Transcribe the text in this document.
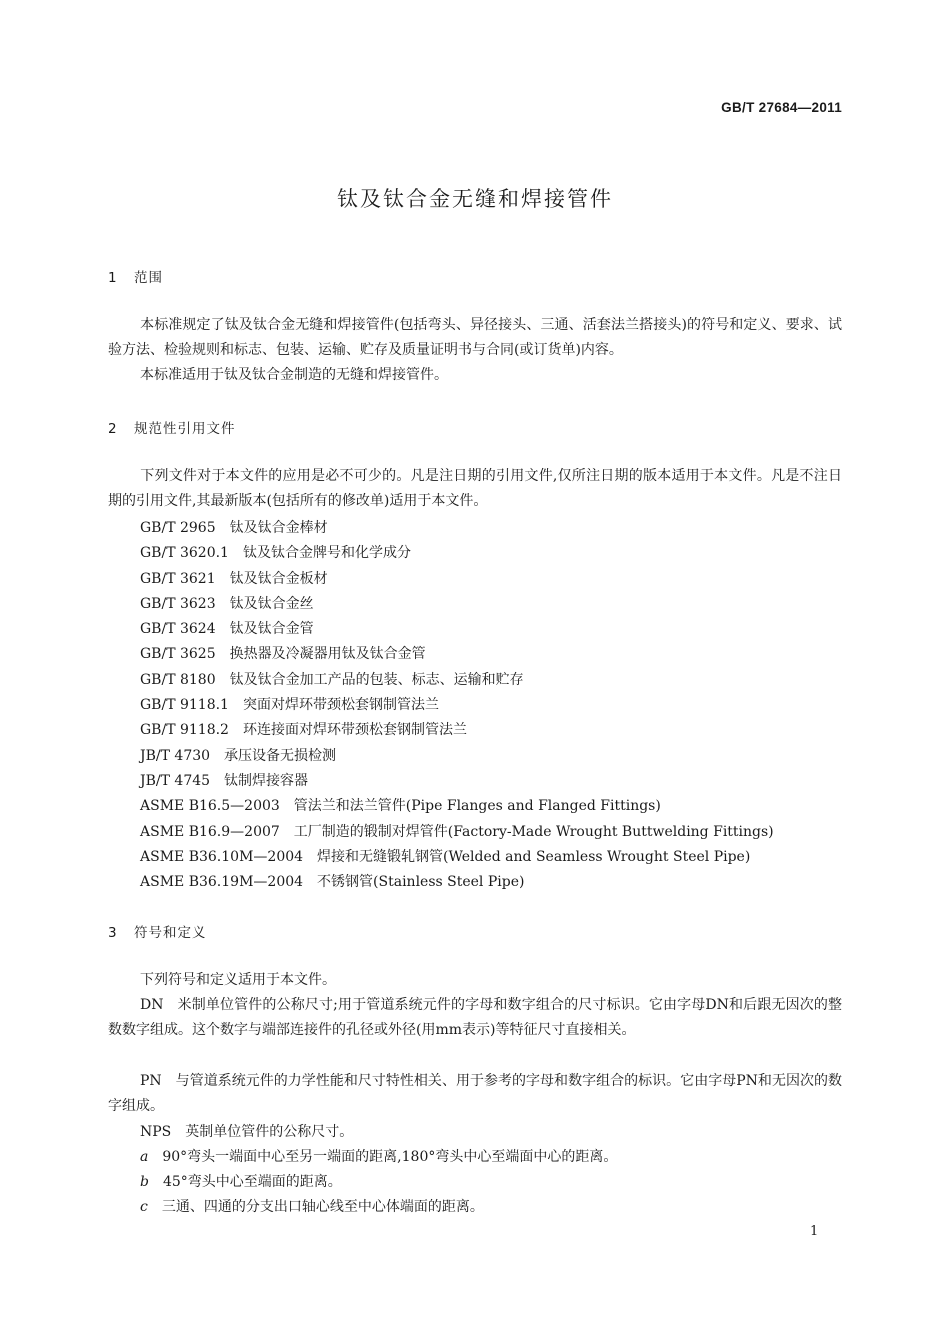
GB/T 27684—2011
钛及钛合金无缝和焊接管件
1 范围

本标准规定了钛及钛合金无缝和焊接管件(包括弯头、异径接头、三通、活套法兰搭接头)的符号和定义、要求、试验方法、检验规则和标志、包装、运输、贮存及质量证明书与合同(或订货单)内容。

本标准适用于钛及钛合金制造的无缝和焊接管件。

2 规范性引用文件

下列文件对于本文件的应用是必不可少的。凡是注日期的引用文件,仅所注日期的版本适用于本文件。凡是不注日期的引用文件,其最新版本(包括所有的修改单)适用于本文件。

GB/T 2965 钛及钛合金棒材
GB/T 3620.1 钛及钛合金牌号和化学成分
GB/T 3621 钛及钛合金板材
GB/T 3623 钛及钛合金丝
GB/T 3624 钛及钛合金管
GB/T 3625 换热器及冷凝器用钛及钛合金管
GB/T 8180 钛及钛合金加工产品的包装、标志、运输和贮存
GB/T 9118.1 突面对焊环带颈松套钢制管法兰
GB/T 9118.2 环连接面对焊环带颈松套钢制管法兰
JB/T 4730 承压设备无损检测
JB/T 4745 钛制焊接容器
ASME B16.5—2003 管法兰和法兰管件(Pipe Flanges and Flanged Fittings)
ASME B16.9—2007 工厂制造的锻制对焊管件(Factory-Made Wrought Buttwelding Fittings)
ASME B36.10M—2004 焊接和无缝锻轧钢管(Welded and Seamless Wrought Steel Pipe)
ASME B36.19M—2004 不锈钢管(Stainless Steel Pipe)
3 符号和定义

下列符号和定义适用于本文件。

DN 米制单位管件的公称尺寸;用于管道系统元件的字母和数字组合的尺寸标识。它由字母DN和后跟无因次的整数数字组成。这个数字与端部连接件的孔径或外径(用mm表示)等特征尺寸直接相关。

PN 与管道系统元件的力学性能和尺寸特性相关、用于参考的字母和数字组合的标识。它由字母PN和无因次的数字组成。

NPS 英制单位管件的公称尺寸。

a 90°弯头一端面中心至另一端面的距离,180°弯头中心至端面中心的距离。

b 45°弯头中心至端面的距离。

c 三通、四通的分支出口轴心线至中心体端面的距离。

1
